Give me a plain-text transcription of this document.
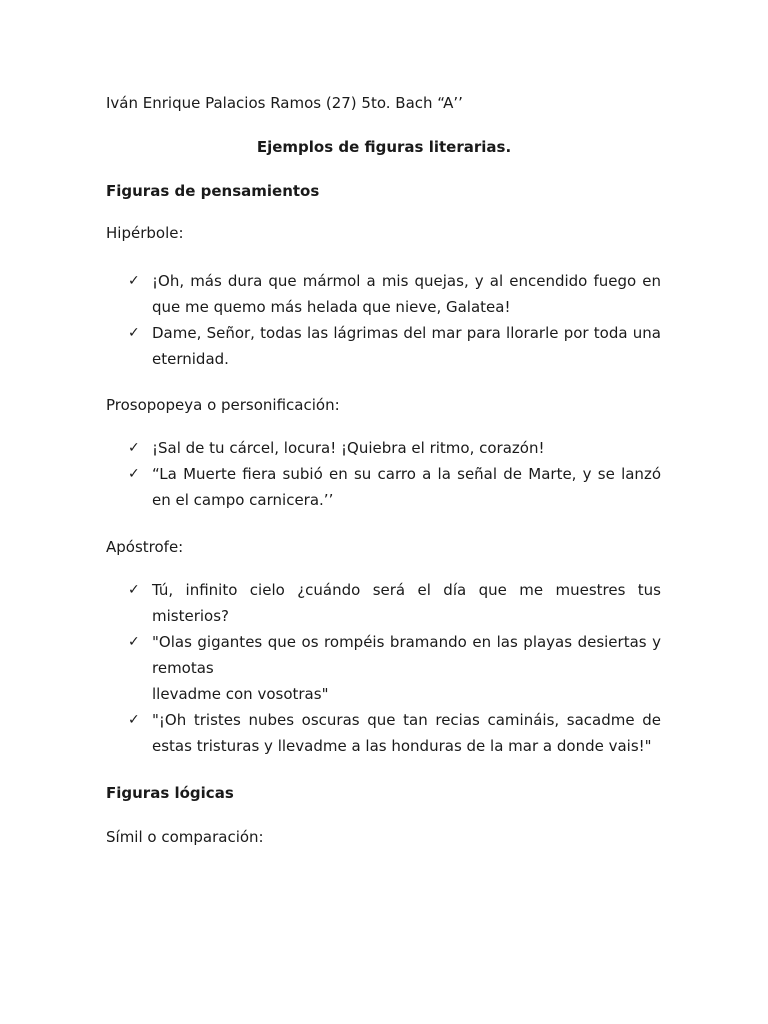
Iván Enrique Palacios Ramos (27) 5to. Bach “A’’
Ejemplos de figuras literarias.
Figuras de pensamientos
Hipérbole:
✓ ¡Oh, más dura que mármol a mis quejas, y al encendido fuego en que me quemo más helada que nieve, Galatea!
✓ Dame, Señor, todas las lágrimas del mar para llorarle por toda una eternidad.
Prosopopeya o personificación:
✓ ¡Sal de tu cárcel, locura! ¡Quiebra el ritmo, corazón!
✓ “La Muerte fiera subió en su carro a la señal de Marte, y se lanzó en el campo carnicera.’’
Apóstrofe:
✓ Tú, infinito cielo ¿cuándo será el día que me muestres tus misterios?
✓ "Olas gigantes que os rompéis bramando en las playas desiertas y remotas
llevadme con vosotras"
✓ "¡Oh tristes nubes oscuras que tan recias camináis, sacadme de estas tristuras y llevadme a las honduras de la mar a donde vais!"
Figuras lógicas
Símil o comparación:
